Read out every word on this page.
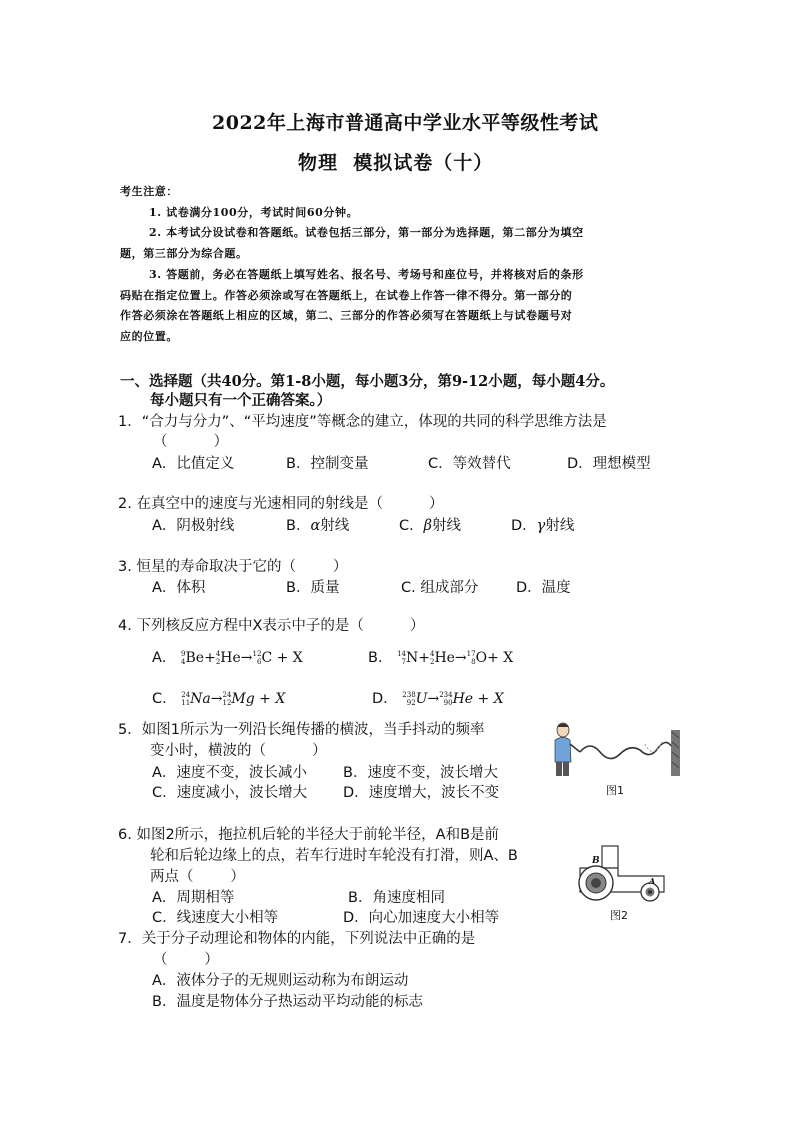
2022年上海市普通高中学业水平等级性考试
物理  模拟试卷（十）
考生注意：
1. 试卷满分100分，考试时间60分钟。
2. 本考试分设试卷和答题纸。试卷包括三部分，第一部分为选择题，第二部分为填空
题，第三部分为综合题。
3. 答题前，务必在答题纸上填写姓名、报名号、考场号和座位号，并将核对后的条形
码贴在指定位置上。作答必须涂或写在答题纸上，在试卷上作答一律不得分。第一部分的
作答必须涂在答题纸上相应的区域，第二、三部分的作答必须写在答题纸上与试卷题号对
应的位置。
一、选择题（共40分。第1-8小题，每小题3分，第9-12小题，每小题4分。
每小题只有一个正确答案。）
1．“合力与分力”、“平均速度”等概念的建立，体现的共同的科学思维方法是
（          ）
A．比值定义	B．控制变量	C．等效替代	D．理想模型
2. 在真空中的速度与光速相同的射线是（          ）
A．阴极射线	B．α射线	C．β射线	D．γ射线
3. 恒星的寿命取决于它的（        ）
A．体积	B．质量	C. 组成部分	D．温度
4. 下列核反应方程中X表示中子的是（          ）
A． 9
4 Be+ 4
2 He→ 12
6 C + X	B． 14
7 N+ 4
2 He→ 17
8 O+ X
C． 24
11 Na→ 24
12 Mg + X	D． 238
92 U→ 234
90 He + X
5．如图1所示为一列沿长绳传播的横波，当手抖动的频率
变小时，横波的（          ）
A．速度不变，波长减小 B．速度不变，波长增大
C．速度减小，波长增大 D．速度增大，波长不变	图1
6. 如图2所示，拖拉机后轮的半径大于前轮半径，A和B是前
轮和后轮边缘上的点，若车行进时车轮没有打滑，则A、B
两点（        ）
A．周期相等	B．角速度相同
C．线速度大小相等	D．向心加速度大小相等
B
A
图2
7．关于分子动理论和物体的内能，下列说法中正确的是
（        ）
A．液体分子的无规则运动称为布朗运动
B．温度是物体分子热运动平均动能的标志
